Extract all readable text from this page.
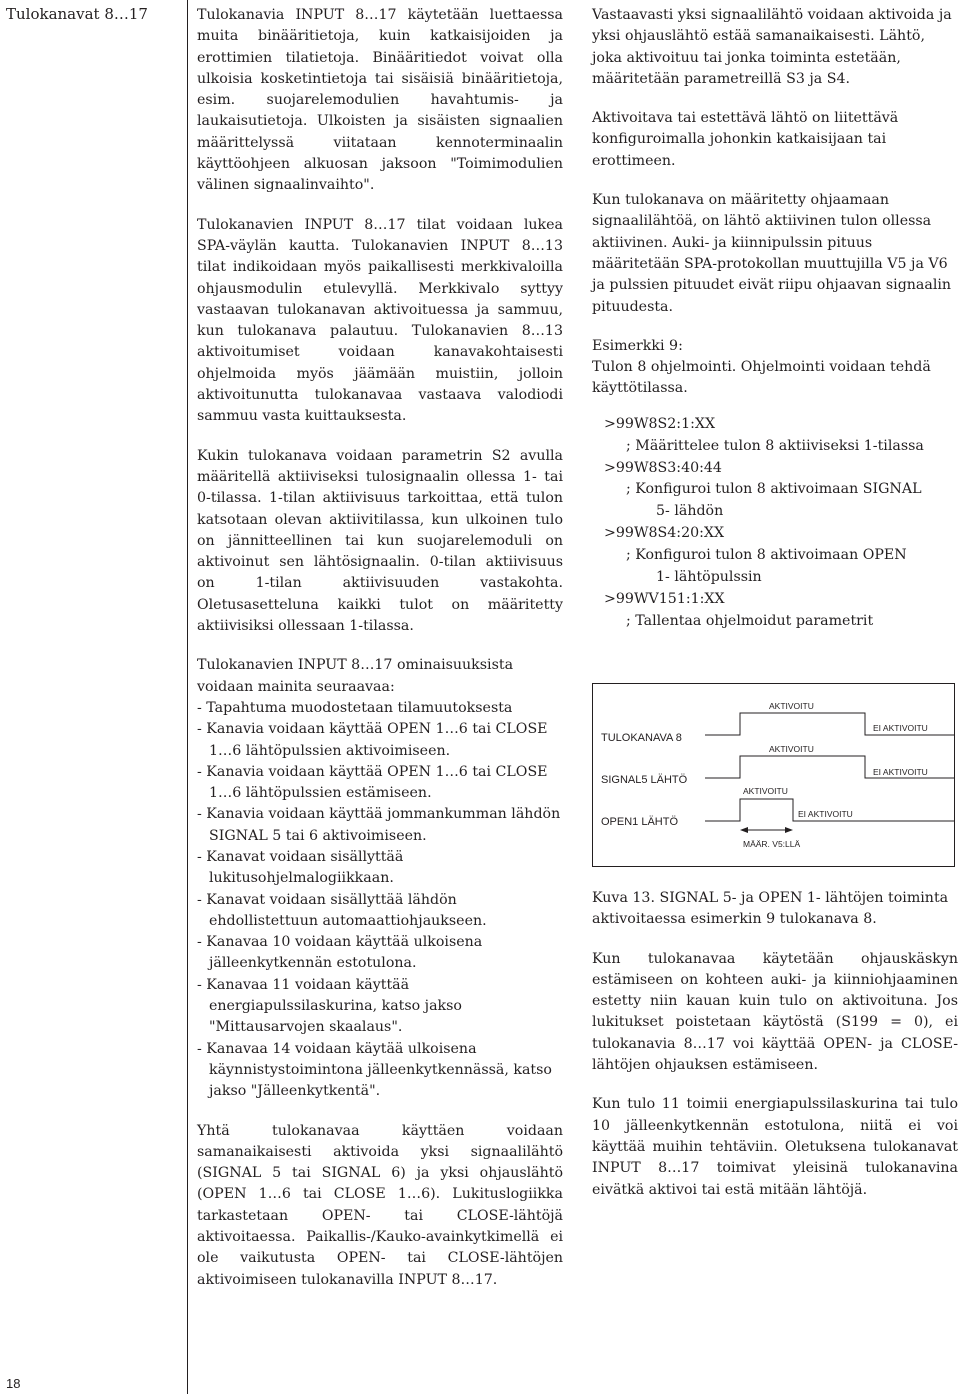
Tulokanavat 8…17	Tulokanavia INPUT 8…17 käytetään luettaessa muita binääritietoja, kuin katkaisijoiden ja erottimien tilatietoja. Binääritiedot voivat olla ulkoisia kosketintietoja tai sisäisiä binääritietoja, esim. suojarelemodulien havahtumis- ja laukaisutietoja. Ulkoisten ja sisäisten signaalien määrittelyssä viitataan kennoterminaalin käyttöohjeen alkuosan jaksoon "Toimimodulien välinen signaalinvaihto".

Tulokanavien INPUT 8…17 tilat voidaan lukea SPA-väylän kautta. Tulokanavien INPUT 8…13 tilat indikoidaan myös paikallisesti merkkivaloilla ohjausmodulin etulevyllä. Merkkivalo syttyy vastaavan tulokanavan aktivoituessa ja sammuu, kun tulokanava palautuu. Tulokanavien 8…13 aktivoitumiset voidaan kanavakohtaisesti ohjelmoida myös jäämään muistiin, jolloin aktivoitunutta tulokanavaa vastaava valodiodi sammuu vasta kuittauksesta.

Kukin tulokanava voidaan parametrin S2 avulla määritellä aktiiviseksi tulosignaalin ollessa 1- tai 0-tilassa. 1-tilan aktiivisuus tarkoittaa, että tulon katsotaan olevan aktiivitilassa, kun ulkoinen tulo on jännitteellinen tai kun suojarelemoduli on aktivoinut sen lähtösignaalin. 0-tilan aktiivisuus on 1-tilan aktiivisuuden vastakohta. Oletusasetteluna kaikki tulot on määritetty aktiivisiksi ollessaan 1-tilassa.

Tulokanavien INPUT 8…17 ominaisuuksista voidaan mainita seuraavaa:
- Tapahtuma muodostetaan tilamuutoksesta
- Kanavia voidaan käyttää OPEN 1…6 tai CLOSE 1…6 lähtöpulssien aktivoimiseen.
- Kanavia voidaan käyttää OPEN 1…6 tai CLOSE 1…6 lähtöpulssien estämiseen.
- Kanavia voidaan käyttää jommankumman lähdön SIGNAL 5 tai 6 aktivoimiseen.
- Kanavat voidaan sisällyttää lukitusohjelmalogiikkaan.
- Kanavat voidaan sisällyttää lähdön ehdollistettuun automaattiohjaukseen.
- Kanavaa 10 voidaan käyttää ulkoisena jälleenkytkennän estotulona.
- Kanavaa 11 voidaan käyttää energiapulssilaskurina, katso jakso "Mittausarvojen skaalaus".
- Kanavaa 14 voidaan käytää ulkoisena käynnistystoimintona jälleenkytkennässä, katso jakso "Jälleenkytkentä".

Yhtä tulokanavaa käyttäen voidaan samanaikaisesti aktivoida yksi signaalilähtö (SIGNAL 5 tai SIGNAL 6) ja yksi ohjauslähtö (OPEN 1…6 tai CLOSE 1…6). Lukituslogiikka tarkastetaan OPEN- tai CLOSE-lähtöjä aktivoitaessa. Paikallis-/Kauko-avainkytkimellä ei ole vaikutusta OPEN- tai CLOSE-lähtöjen aktivoimiseen tulokanavilla INPUT 8…17.

Vastaavasti yksi signaalilähtö voidaan aktivoida ja yksi ohjauslähtö estää samanaikaisesti. Lähtö, joka aktivoituu tai jonka toiminta estetään, määritetään parametreillä S3 ja S4.

Aktivoitava tai estettävä lähtö on liitettävä konfiguroimalla johonkin katkaisijaan tai erottimeen.

Kun tulokanava on määritetty ohjaamaan signaalilähtöä, on lähtö aktiivinen tulon ollessa aktiivinen. Auki- ja kiinnipulssin pituus määritetään SPA-protokollan muuttujilla V5 ja V6 ja pulssien pituudet eivät riipu ohjaavan signaalin pituudesta.

Esimerkki 9:
Tulon 8 ohjelmointi. Ohjelmointi voidaan tehdä käyttötilassa.
>99W8S2:1:XX
; Määrittelee tulon 8 aktiiviseksi 1-tilassa
>99W8S3:40:44
; Konfiguroi tulon 8 aktivoimaan SIGNAL
5- lähdön
>99W8S4:20:XX
; Konfiguroi tulon 8 aktivoimaan OPEN
1- lähtöpulssin
>99WV151:1:XX
; Tallentaa ohjelmoidut parametrit
TULOKANAVA 8
SIGNAL5 LÄHTÖ
OPEN1 LÄHTÖ
AKTIVOITU
EI AKTIVOITU
AKTIVOITU
EI AKTIVOITU
AKTIVOITU
EI AKTIVOITU
MÄÄR. V5:LLÄ

Kuva 13. SIGNAL 5- ja OPEN 1- lähtöjen toiminta aktivoitaessa esimerkin 9 tulokanava 8.

Kun tulokanavaa käytetään ohjauskäskyn estämiseen on kohteen auki- ja kiinniohjaaminen estetty niin kauan kuin tulo on aktivoituna. Jos lukitukset poistetaan käytöstä (S199 = 0), ei tulokanavia 8…17 voi käyttää OPEN- ja CLOSE-lähtöjen ohjauksen estämiseen.

Kun tulo 11 toimii energiapulssilaskurina tai tulo 10 jälleenkytkennän estotulona, niitä ei voi käyttää muihin tehtäviin. Oletuksena tulokanavat INPUT 8…17 toimivat yleisinä tulokanavina eivätkä aktivoi tai estä mitään lähtöjä.

18
